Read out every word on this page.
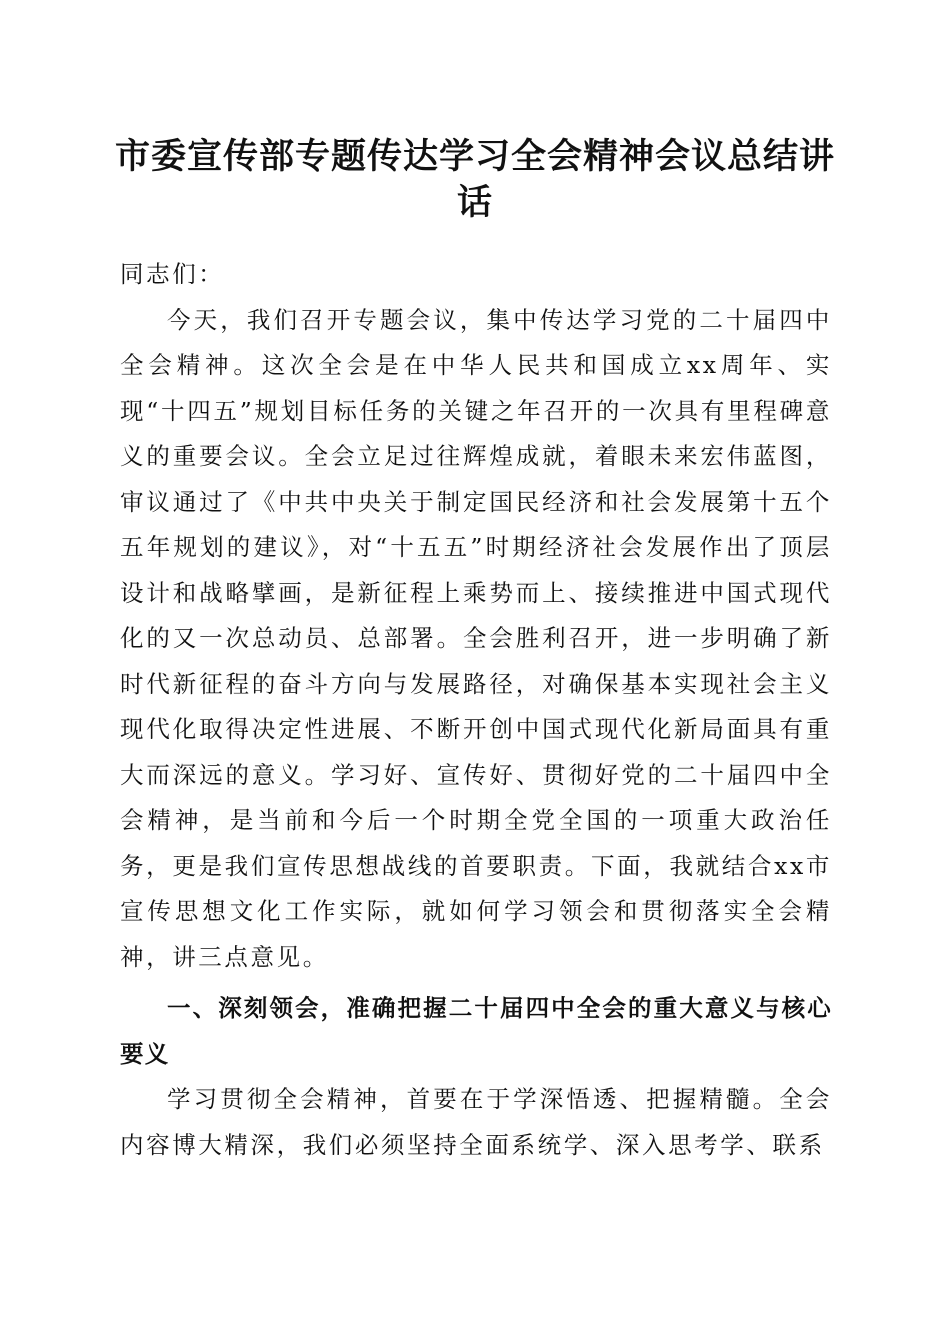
市委宣传部专题传达学习全会精神会议总结讲话

同志们：

今天，我们召开专题会议，集中传达学习党的二十届四中全会精神。这次全会是在中华人民共和国成立xx周年、实现“十四五”规划目标任务的关键之年召开的一次具有里程碑意义的重要会议。全会立足过往辉煌成就，着眼未来宏伟蓝图，审议通过了《中共中央关于制定国民经济和社会发展第十五个五年规划的建议》，对“十五五”时期经济社会发展作出了顶层设计和战略擘画，是新征程上乘势而上、接续推进中国式现代化的又一次总动员、总部署。全会胜利召开，进一步明确了新时代新征程的奋斗方向与发展路径，对确保基本实现社会主义现代化取得决定性进展、不断开创中国式现代化新局面具有重大而深远的意义。学习好、宣传好、贯彻好党的二十届四中全会精神，是当前和今后一个时期全党全国的一项重大政治任务，更是我们宣传思想战线的首要职责。下面，我就结合xx市宣传思想文化工作实际，就如何学习领会和贯彻落实全会精神，讲三点意见。

一、深刻领会，准确把握二十届四中全会的重大意义与核心要义

学习贯彻全会精神，首要在于学深悟透、把握精髓。全会内容博大精深，我们必须坚持全面系统学、深入思考学、联系
